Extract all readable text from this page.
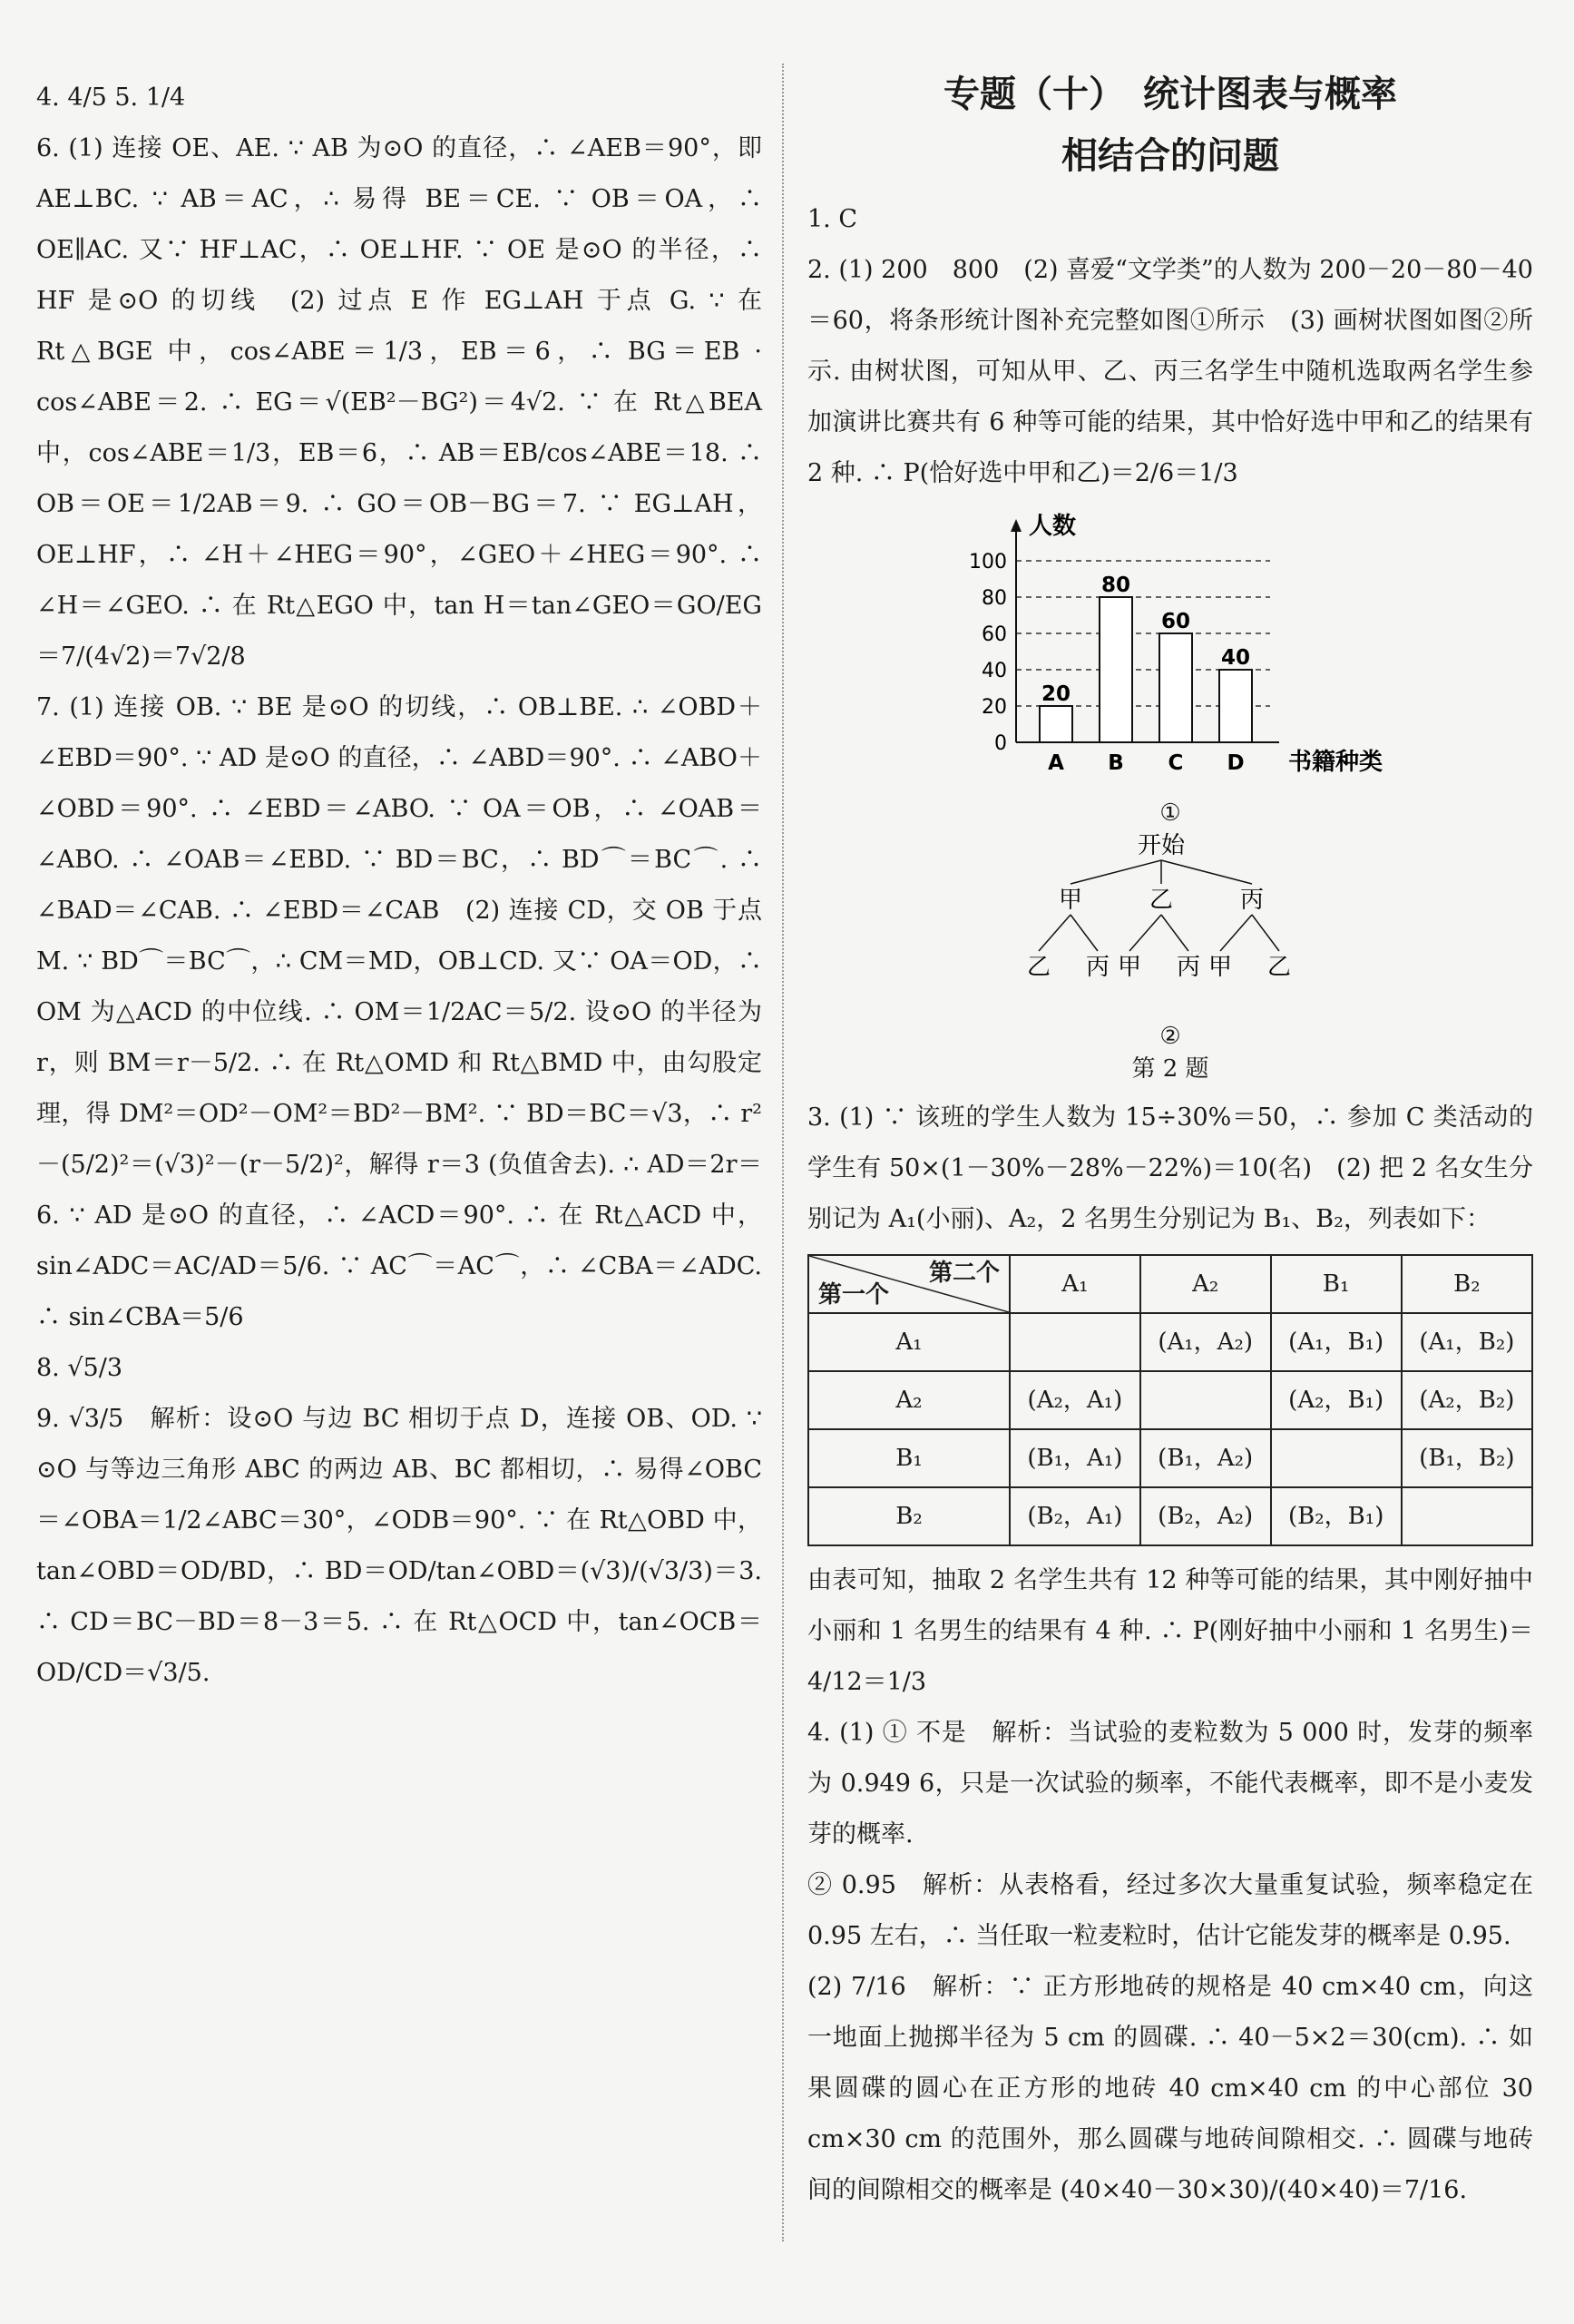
4. 4/5 5. 1/4

6. (1) 连接 OE、AE. ∵ AB 为⊙O 的直径，∴ ∠AEB＝90°，即 AE⊥BC. ∵ AB＝AC，∴ 易得 BE＝CE. ∵ OB＝OA，∴ OE∥AC. 又∵ HF⊥AC，∴ OE⊥HF. ∵ OE 是⊙O 的半径，∴ HF 是⊙O 的切线　(2) 过点 E 作 EG⊥AH 于点 G. ∵ 在 Rt△BGE 中，cos∠ABE＝1/3，EB＝6，∴ BG＝EB · cos∠ABE＝2. ∴ EG＝√(EB²－BG²)＝4√2. ∵ 在 Rt△BEA 中，cos∠ABE＝1/3，EB＝6，∴ AB＝EB/cos∠ABE＝18. ∴ OB＝OE＝1/2AB＝9. ∴ GO＝OB－BG＝7. ∵ EG⊥AH，OE⊥HF，∴ ∠H＋∠HEG＝90°，∠GEO＋∠HEG＝90°. ∴ ∠H＝∠GEO. ∴ 在 Rt△EGO 中，tan H＝tan∠GEO＝GO/EG＝7/(4√2)＝7√2/8

7. (1) 连接 OB. ∵ BE 是⊙O 的切线，∴ OB⊥BE. ∴ ∠OBD＋∠EBD＝90°. ∵ AD 是⊙O 的直径，∴ ∠ABD＝90°. ∴ ∠ABO＋∠OBD＝90°. ∴ ∠EBD＝∠ABO. ∵ OA＝OB，∴ ∠OAB＝∠ABO. ∴ ∠OAB＝∠EBD. ∵ BD＝BC，∴ BD⌒＝BC⌒. ∴ ∠BAD＝∠CAB. ∴ ∠EBD＝∠CAB　(2) 连接 CD，交 OB 于点 M. ∵ BD⌒＝BC⌒，∴ CM＝MD，OB⊥CD. 又∵ OA＝OD，∴ OM 为△ACD 的中位线. ∴ OM＝1/2AC＝5/2. 设⊙O 的半径为 r，则 BM＝r－5/2. ∴ 在 Rt△OMD 和 Rt△BMD 中，由勾股定理，得 DM²＝OD²－OM²＝BD²－BM². ∵ BD＝BC＝√3，∴ r²－(5/2)²＝(√3)²－(r－5/2)²，解得 r＝3 (负值舍去). ∴ AD＝2r＝6. ∵ AD 是⊙O 的直径，∴ ∠ACD＝90°. ∴ 在 Rt△ACD 中，sin∠ADC＝AC/AD＝5/6. ∵ AC⌒＝AC⌒，∴ ∠CBA＝∠ADC. ∴ sin∠CBA＝5/6

8. √5/3

9. √3/5　解析：设⊙O 与边 BC 相切于点 D，连接 OB、OD. ∵ ⊙O 与等边三角形 ABC 的两边 AB、BC 都相切，∴ 易得∠OBC＝∠OBA＝1/2∠ABC＝30°，∠ODB＝90°. ∵ 在 Rt△OBD 中，tan∠OBD＝OD/BD，∴ BD＝OD/tan∠OBD＝(√3)/(√3/3)＝3. ∴ CD＝BC－BD＝8－3＝5. ∴ 在 Rt△OCD 中，tan∠OCB＝OD/CD＝√3/5.

专题（十）　统计图表与概率
相结合的问题

1. C

2. (1) 200　800　(2) 喜爱“文学类”的人数为 200－20－80－40＝60，将条形统计图补充完整如图①所示　(3) 画树状图如图②所示. 由树状图，可知从甲、乙、丙三名学生中随机选取两名学生参加演讲比赛共有 6 种等可能的结果，其中恰好选中甲和乙的结果有 2 种. ∴ P(恰好选中甲和乙)＝2/6＝1/3

0
20
40
60
80
100
人数
书籍种类
20
A
80
B
60
C
40
D
①
开始
甲	乙	丙
乙 丙 甲 丙 甲 乙
②
第 2 题

3. (1) ∵ 该班的学生人数为 15÷30%＝50，∴ 参加 C 类活动的学生有 50×(1－30%－28%－22%)＝10(名)　(2) 把 2 名女生分别记为 A₁(小丽)、A₂，2 名男生分别记为 B₁、B₂，列表如下：

第二个
第一个	A₁	A₂	B₁	B₂
A₁		(A₁，A₂)	(A₁，B₁)	(A₁，B₂)
A₂	(A₂，A₁)		(A₂，B₁)	(A₂，B₂)
B₁	(B₁，A₁)	(B₁，A₂)		(B₁，B₂)
B₂	(B₂，A₁)	(B₂，A₂)	(B₂，B₁)	

由表可知，抽取 2 名学生共有 12 种等可能的结果，其中刚好抽中小丽和 1 名男生的结果有 4 种. ∴ P(刚好抽中小丽和 1 名男生)＝4/12＝1/3

4. (1) ① 不是　解析：当试验的麦粒数为 5 000 时，发芽的频率为 0.949 6，只是一次试验的频率，不能代表概率，即不是小麦发芽的概率.

② 0.95　解析：从表格看，经过多次大量重复试验，频率稳定在 0.95 左右，∴ 当任取一粒麦粒时，估计它能发芽的概率是 0.95.

(2) 7/16　解析：∵ 正方形地砖的规格是 40 cm×40 cm，向这一地面上抛掷半径为 5 cm 的圆碟. ∴ 40－5×2＝30(cm). ∴ 如果圆碟的圆心在正方形的地砖 40 cm×40 cm 的中心部位 30 cm×30 cm 的范围外，那么圆碟与地砖间隙相交. ∴ 圆碟与地砖间的间隙相交的概率是 (40×40－30×30)/(40×40)＝7/16.
